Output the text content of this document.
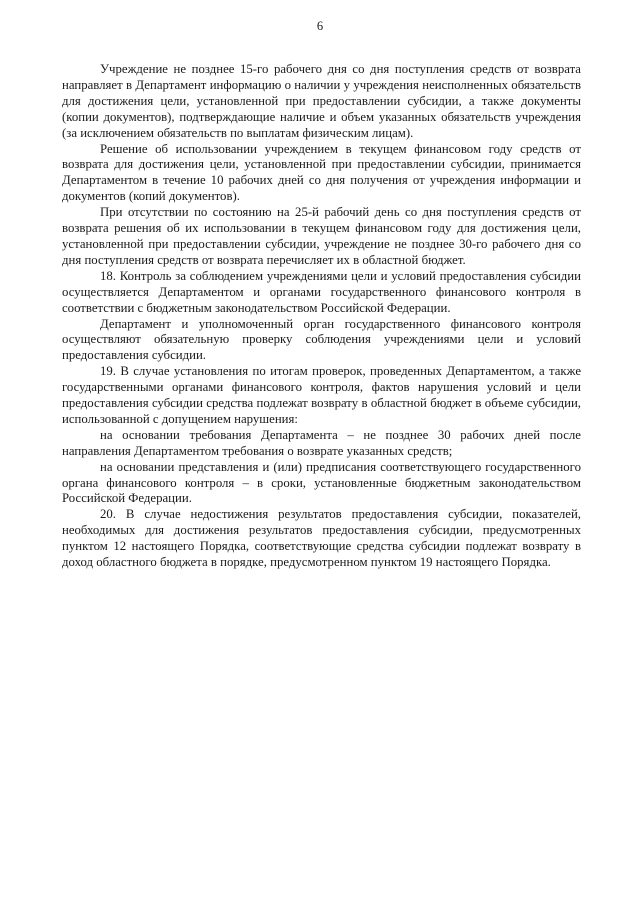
6

Учреждение не позднее 15-го рабочего дня со дня поступления средств от возврата направляет в Департамент информацию о наличии у учреждения неисполненных обязательств для достижения цели, установленной при предоставлении субсидии, а также документы (копии документов), подтверждающие наличие и объем указанных обязательств учреждения (за исключением обязательств по выплатам физическим лицам).

Решение об использовании учреждением в текущем финансовом году средств от возврата для достижения цели, установленной при предоставлении субсидии, принимается Департаментом в течение 10 рабочих дней со дня получения от учреждения информации и документов (копий документов).

При отсутствии по состоянию на 25-й рабочий день со дня поступления средств от возврата решения об их использовании в текущем финансовом году для достижения цели, установленной при предоставлении субсидии, учреждение не позднее 30-го рабочего дня со дня поступления средств от возврата перечисляет их в областной бюджет.

18. Контроль за соблюдением учреждениями цели и условий предоставления субсидии осуществляется Департаментом и органами государственного финансового контроля в соответствии с бюджетным законодательством Российской Федерации.

Департамент и уполномоченный орган государственного финансового контроля осуществляют обязательную проверку соблюдения учреждениями цели и условий предоставления субсидии.

19. В случае установления по итогам проверок, проведенных Департаментом, а также государственными органами финансового контроля, фактов нарушения условий и цели предоставления субсидии средства подлежат возврату в областной бюджет в объеме субсидии, использованной с допущением нарушения:

на основании требования Департамента – не позднее 30 рабочих дней после направления Департаментом требования о возврате указанных средств;

на основании представления и (или) предписания соответствующего государственного органа финансового контроля – в сроки, установленные бюджетным законодательством Российской Федерации.

20. В случае недостижения результатов предоставления субсидии, показателей, необходимых для достижения результатов предоставления субсидии, предусмотренных пунктом 12 настоящего Порядка, соответствующие средства субсидии подлежат возврату в доход областного бюджета в порядке, предусмотренном пунктом 19 настоящего Порядка.
